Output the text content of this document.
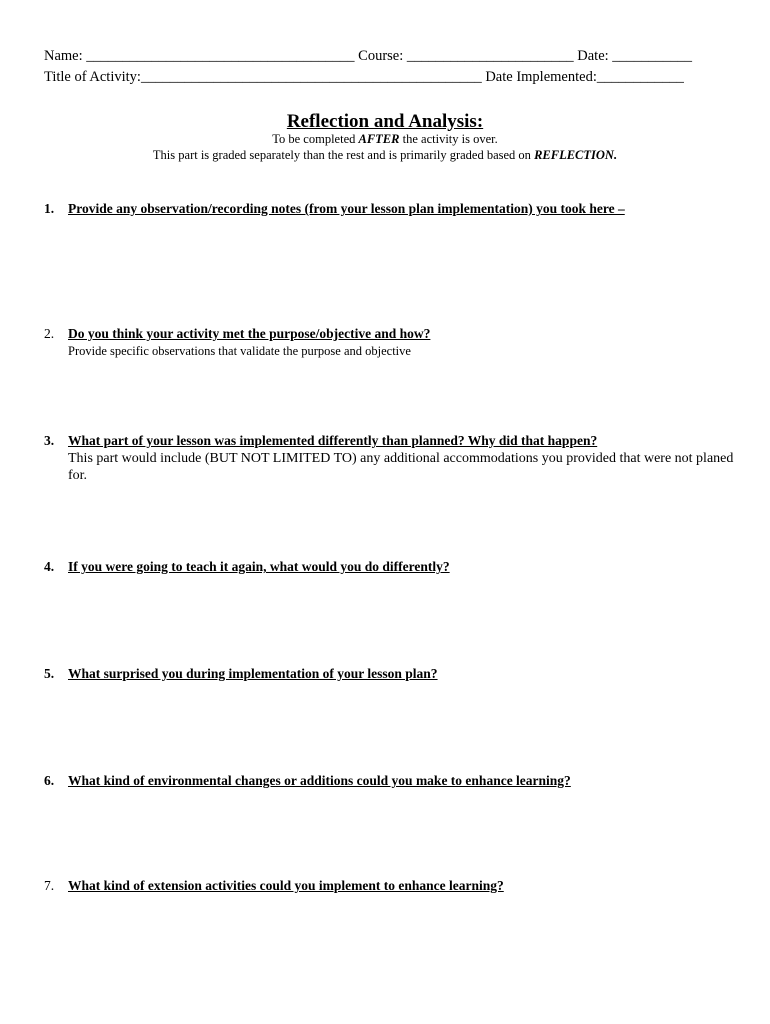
Name: _____________________________________ Course: _______________________ Date: ___________
Title of Activity:_______________________________________________ Date Implemented:____________
Reflection and Analysis:
To be completed AFTER the activity is over.
This part is graded separately than the rest and is primarily graded based on REFLECTION.
1. Provide any observation/recording notes (from your lesson plan implementation) you took here –
2. Do you think your activity met the purpose/objective and how?
Provide specific observations that validate the purpose and objective
3. What part of your lesson was implemented differently than planned? Why did that happen?
This part would include (BUT NOT LIMITED TO) any additional accommodations you provided that were not planed for.
4. If you were going to teach it again, what would you do differently?
5. What surprised you during implementation of your lesson plan?
6. What kind of environmental changes or additions could you make to enhance learning?
7. What kind of extension activities could you implement to enhance learning?
